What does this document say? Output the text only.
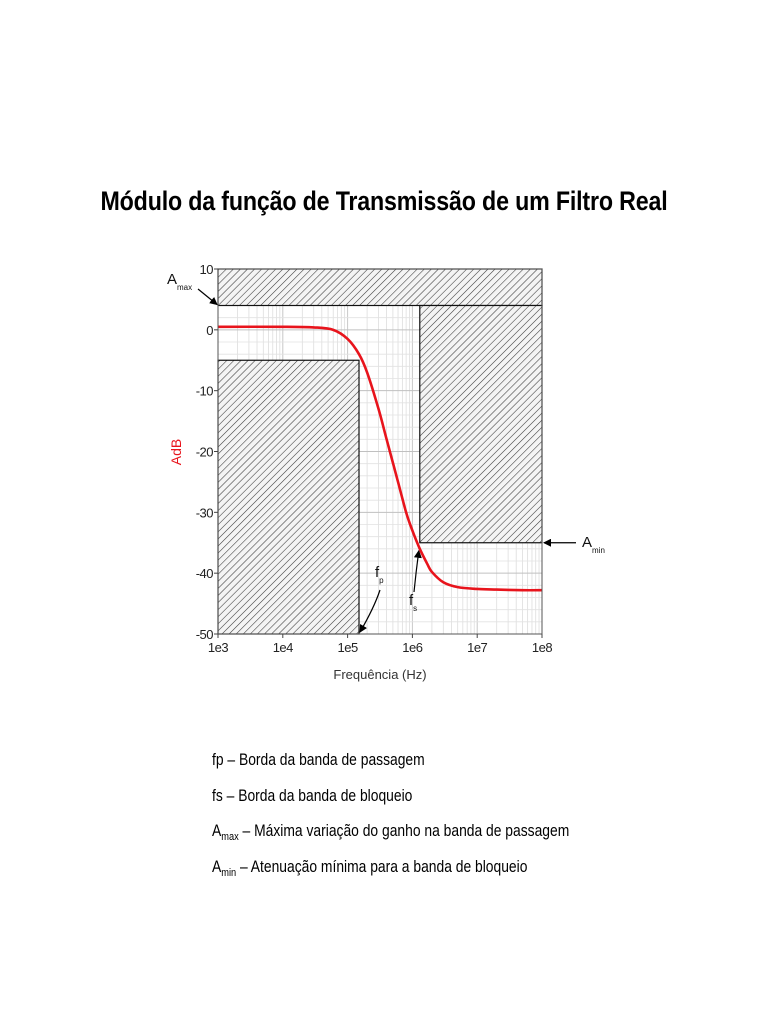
Módulo da função de Transmissão de um Filtro Real
10
0
-10
-20
-30
-40
-50
1e3	1e4	1e5	1e6	1e7	1e8
Frequência (Hz)
AdB
$A_{max}$
$A_{min}$
$f_p$
$f_s$
fp – Borda da banda de passagem
fs – Borda da banda de bloqueio
$A_{max}$ – Máxima variação do ganho na banda de passagem
$A_{min}$ – Atenuação mínima para a banda de bloqueio
